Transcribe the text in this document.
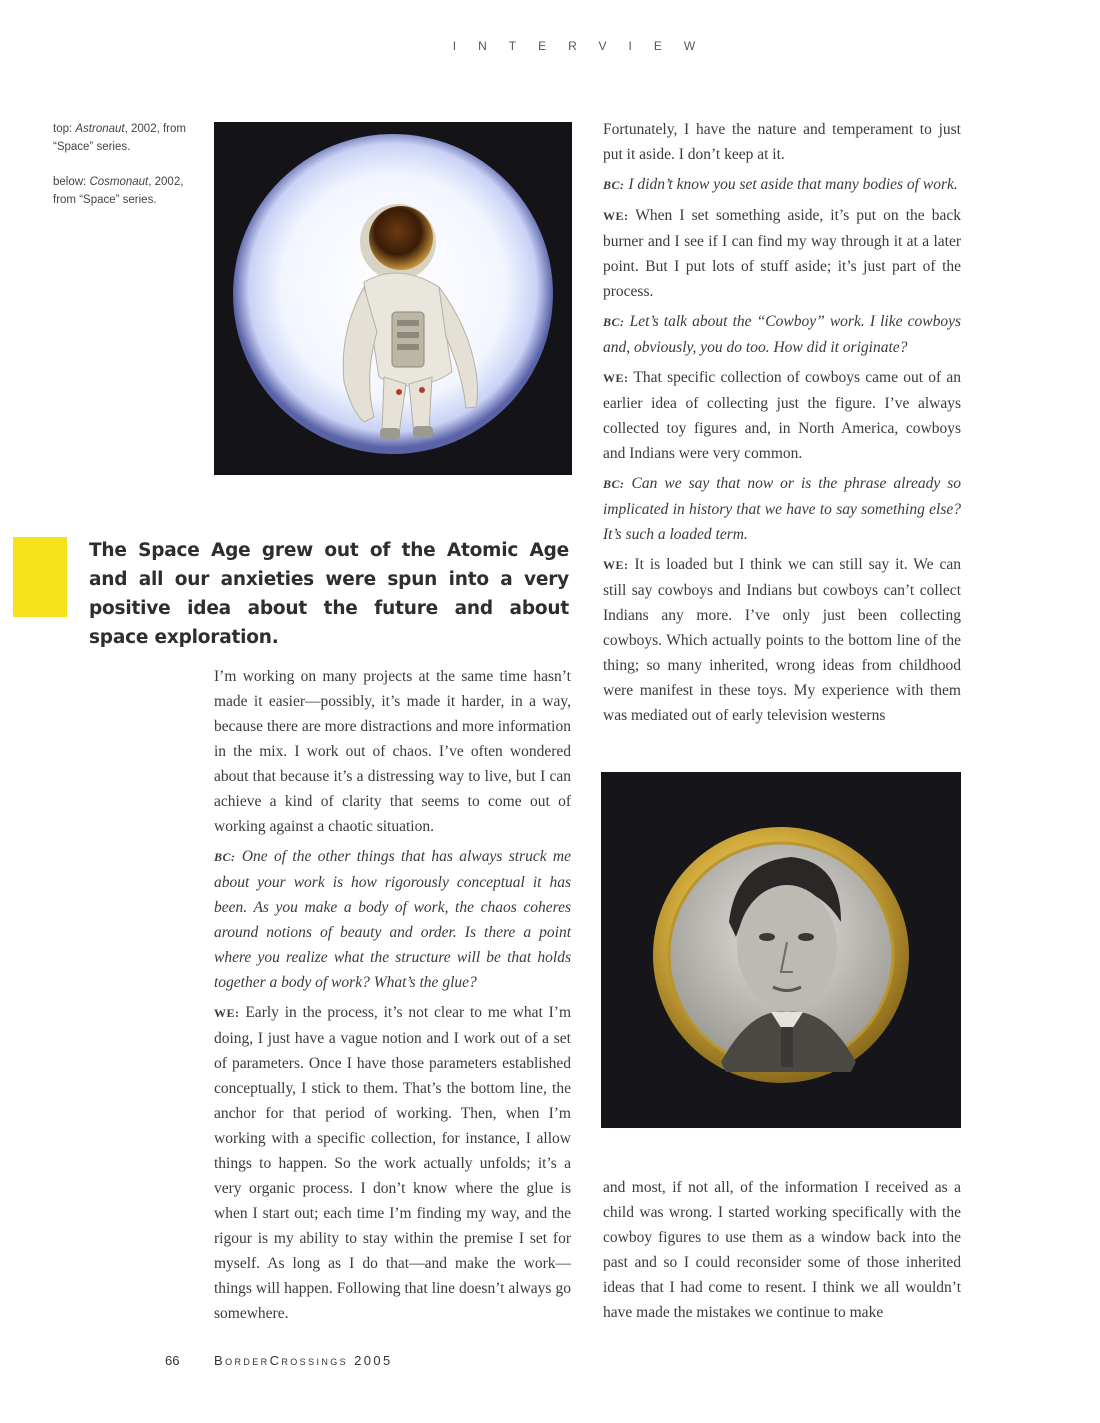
INTERVIEW
top: Astronaut, 2002, from “Space” series.
below: Cosmonaut, 2002, from “Space” series.
The Space Age grew out of the Atomic Age and all our anxieties were spun into a very positive idea about the future and about space exploration.

I’m working on many projects at the same time hasn’t made it easier—possibly, it’s made it harder, in a way, because there are more distractions and more information in the mix. I work out of chaos. I’ve often wondered about that because it’s a distressing way to live, but I can achieve a kind of clarity that seems to come out of working against a chaotic situation.

BC: One of the other things that has always struck me about your work is how rigorously conceptual it has been. As you make a body of work, the chaos coheres around notions of beauty and order. Is there a point where you realize what the structure will be that holds together a body of work? What’s the glue?

WE: Early in the process, it’s not clear to me what I’m doing, I just have a vague notion and I work out of a set of parameters. Once I have those parameters established conceptually, I stick to them. That’s the bottom line, the anchor for that period of working. Then, when I’m working with a specific collection, for instance, I allow things to happen. So the work actually unfolds; it’s a very organic process. I don’t know where the glue is when I start out; each time I’m finding my way, and the rigour is my ability to stay within the premise I set for myself. As long as I do that—and make the work—things will happen. Following that line doesn’t always go somewhere.

Fortunately, I have the nature and temperament to just put it aside. I don’t keep at it.

BC: I didn’t know you set aside that many bodies of work.

WE: When I set something aside, it’s put on the back burner and I see if I can find my way through it at a later point. But I put lots of stuff aside; it’s just part of the process.

BC: Let’s talk about the “Cowboy” work. I like cowboys and, obviously, you do too. How did it originate?

WE: That specific collection of cowboys came out of an earlier idea of collecting just the figure. I’ve always collected toy figures and, in North America, cowboys and Indians were very common.

BC: Can we say that now or is the phrase already so implicated in history that we have to say something else? It’s such a loaded term.

WE: It is loaded but I think we can still say it. We can still say cowboys and Indians but cowboys can’t collect Indians any more. I’ve only just been collecting cowboys. Which actually points to the bottom line of the thing; so many inherited, wrong ideas from childhood were manifest in these toys. My experience with them was mediated out of early television westerns

and most, if not all, of the information I received as a child was wrong. I started working specifically with the cowboy figures to use them as a window back into the past and so I could reconsider some of those inherited ideas that I had come to resent. I think we all wouldn’t have made the mistakes we continue to make

66	BorderCrossings 2005
